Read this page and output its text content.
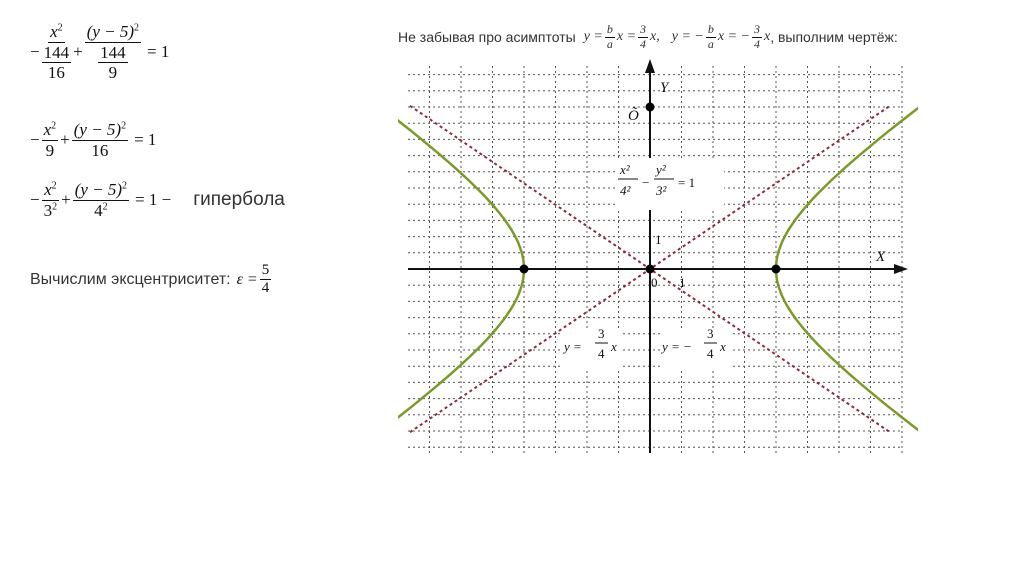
− $\frac{x^2}{\frac{144}{16}} + \frac{(y - 5)^2}{\frac{144}{9}} = 1$
− $\frac{x^2}{9} + \frac{(y - 5)^2}{16} = 1$
− $\frac{x^2}{3^2} + \frac{(y - 5)^2}{4^2} = 1$ − гипербола
Вычислим эксцентриситет: $\varepsilon = \frac{5}{4}$
Не забывая про асимптоты $y = \frac{b}{a}$ $x = \frac{3}{4} x$, y = − $\frac{b}{a}$ x = − $\frac{3}{4}$ x , выполним чертёж:
X
Y
Õ
0
1
1
x²
4²
−
y²
3²
= 1
y =
3
4 x	y = −
3
4 x
